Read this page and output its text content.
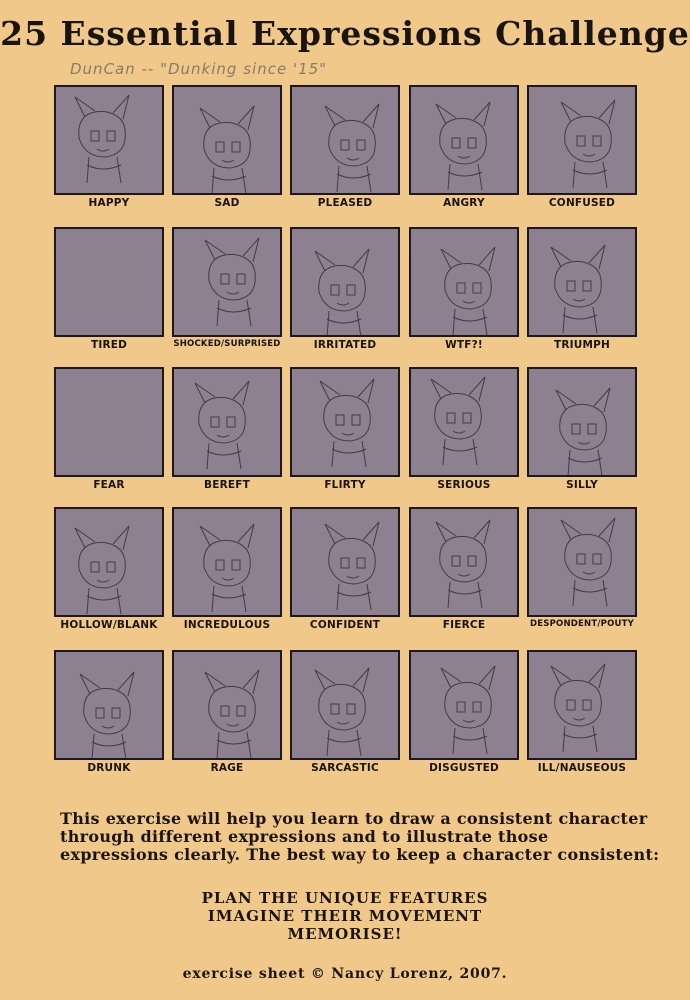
25 Essential Expressions Challenge
DunCan -- "Dunking since '15"
HAPPY	SAD	PLEASED	ANGRY	CONFUSED
TIRED	SHOCKED/SURPRISED	IRRITATED	WTF?!	TRIUMPH
FEAR	BEREFT	FLIRTY	SERIOUS	SILLY
HOLLOW/BLANK	INCREDULOUS	CONFIDENT	FIERCE	DESPONDENT/POUTY
DRUNK	RAGE	SARCASTIC	DISGUSTED	ILL/NAUSEOUS
This exercise will help you learn to draw a consistent character through different expressions and to illustrate those expressions clearly. The best way to keep a character consistent:
PLAN THE UNIQUE FEATURES
IMAGINE THEIR MOVEMENT
MEMORISE!
exercise sheet © Nancy Lorenz, 2007.
